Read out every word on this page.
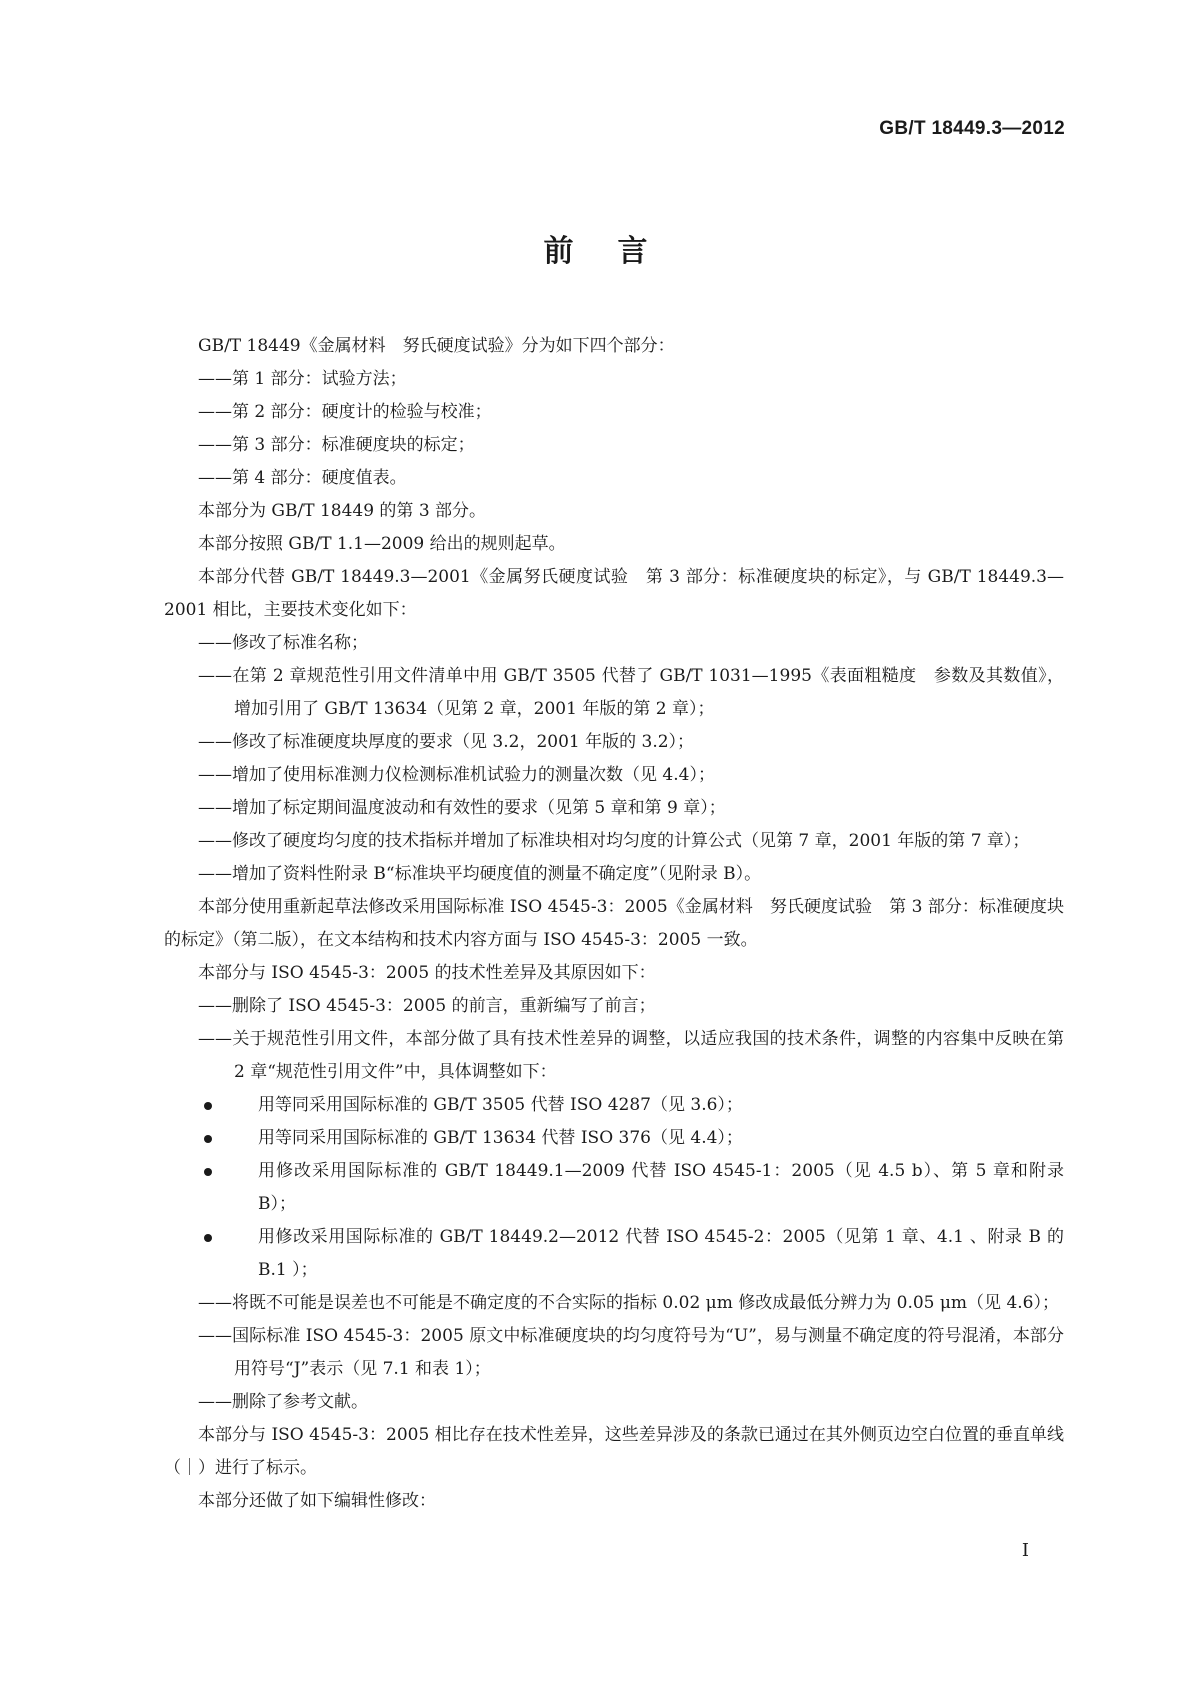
GB/T 18449.3—2012
前言

GB/T 18449《金属材料　努氏硬度试验》分为如下四个部分：

——第 1 部分：试验方法；

——第 2 部分：硬度计的检验与校准；

——第 3 部分：标准硬度块的标定；

——第 4 部分：硬度值表。

本部分为 GB/T 18449 的第 3 部分。

本部分按照 GB/T 1.1—2009 给出的规则起草。

本部分代替 GB/T 18449.3—2001《金属努氏硬度试验　第 3 部分：标准硬度块的标定》，与 GB/T 18449.3—2001 相比，主要技术变化如下：

——修改了标准名称；

——在第 2 章规范性引用文件清单中用 GB/T 3505 代替了 GB/T 1031—1995《表面粗糙度　参数及其数值》，增加引用了 GB/T 13634（见第 2 章，2001 年版的第 2 章）；

——修改了标准硬度块厚度的要求（见 3.2，2001 年版的 3.2）；

——增加了使用标准测力仪检测标准机试验力的测量次数（见 4.4）；

——增加了标定期间温度波动和有效性的要求（见第 5 章和第 9 章）；

——修改了硬度均匀度的技术指标并增加了标准块相对均匀度的计算公式（见第 7 章，2001 年版的第 7 章）；

——增加了资料性附录 B“标准块平均硬度值的测量不确定度”（见附录 B）。

本部分使用重新起草法修改采用国际标准 ISO 4545-3：2005《金属材料　努氏硬度试验　第 3 部分：标准硬度块的标定》（第二版），在文本结构和技术内容方面与 ISO 4545-3：2005 一致。

本部分与 ISO 4545-3：2005 的技术性差异及其原因如下：

——删除了 ISO 4545-3：2005 的前言，重新编写了前言；

——关于规范性引用文件，本部分做了具有技术性差异的调整，以适应我国的技术条件，调整的内容集中反映在第 2 章“规范性引用文件”中，具体调整如下：

用等同采用国际标准的 GB/T 3505 代替 ISO 4287（见 3.6）；

用等同采用国际标准的 GB/T 13634 代替 ISO 376（见 4.4）；

用修改采用国际标准的 GB/T 18449.1—2009 代替 ISO 4545-1：2005（见 4.5 b）、第 5 章和附录 B）；

用修改采用国际标准的 GB/T 18449.2—2012 代替 ISO 4545-2：2005（见第 1 章、4.1 、附录 B 的 B.1 ）；

——将既不可能是误差也不可能是不确定度的不合实际的指标 0.02 μm 修改成最低分辨力为 0.05 μm（见 4.6）；

——国际标准 ISO 4545-3：2005 原文中标准硬度块的均匀度符号为“U”，易与测量不确定度的符号混淆，本部分用符号“J”表示（见 7.1 和表 1）；

——删除了参考文献。

本部分与 ISO 4545-3：2005 相比存在技术性差异，这些差异涉及的条款已通过在其外侧页边空白位置的垂直单线（｜）进行了标示。

本部分还做了如下编辑性修改：

I
